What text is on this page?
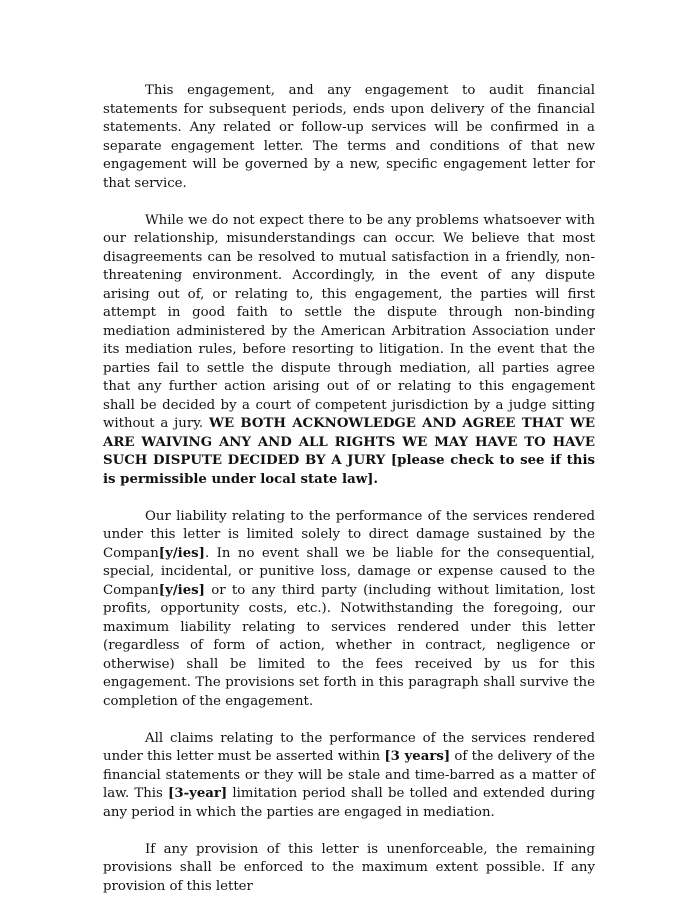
This engagement, and any engagement to audit financial statements for subsequent periods, ends upon delivery of the financial statements. Any related or follow-up services will be confirmed in a separate engagement letter. The terms and conditions of that new engagement will be governed by a new, specific engagement letter for that service.

While we do not expect there to be any problems whatsoever with our relationship, misunderstandings can occur. We believe that most disagreements can be resolved to mutual satisfaction in a friendly, non-threatening environment. Accordingly, in the event of any dispute arising out of, or relating to, this engagement, the parties will first attempt in good faith to settle the dispute through non-binding mediation administered by the American Arbitration Association under its mediation rules, before resorting to litigation. In the event that the parties fail to settle the dispute through mediation, all parties agree that any further action arising out of or relating to this engagement shall be decided by a court of competent jurisdiction by a judge sitting without a jury. WE BOTH ACKNOWLEDGE AND AGREE THAT WE ARE WAIVING ANY AND ALL RIGHTS WE MAY HAVE TO HAVE SUCH DISPUTE DECIDED BY A JURY [please check to see if this is permissible under local state law].

Our liability relating to the performance of the services rendered under this letter is limited solely to direct damage sustained by the Compan[y/ies]. In no event shall we be liable for the consequential, special, incidental, or punitive loss, damage or expense caused to the Compan[y/ies] or to any third party (including without limitation, lost profits, opportunity costs, etc.). Notwithstanding the foregoing, our maximum liability relating to services rendered under this letter (regardless of form of action, whether in contract, negligence or otherwise) shall be limited to the fees received by us for this engagement. The provisions set forth in this paragraph shall survive the completion of the engagement.

All claims relating to the performance of the services rendered under this letter must be asserted within [3 years] of the delivery of the financial statements or they will be stale and time-barred as a matter of law. This [3-year] limitation period shall be tolled and extended during any period in which the parties are engaged in mediation.

If any provision of this letter is unenforceable, the remaining provisions shall be enforced to the maximum extent possible. If any provision of this letter
